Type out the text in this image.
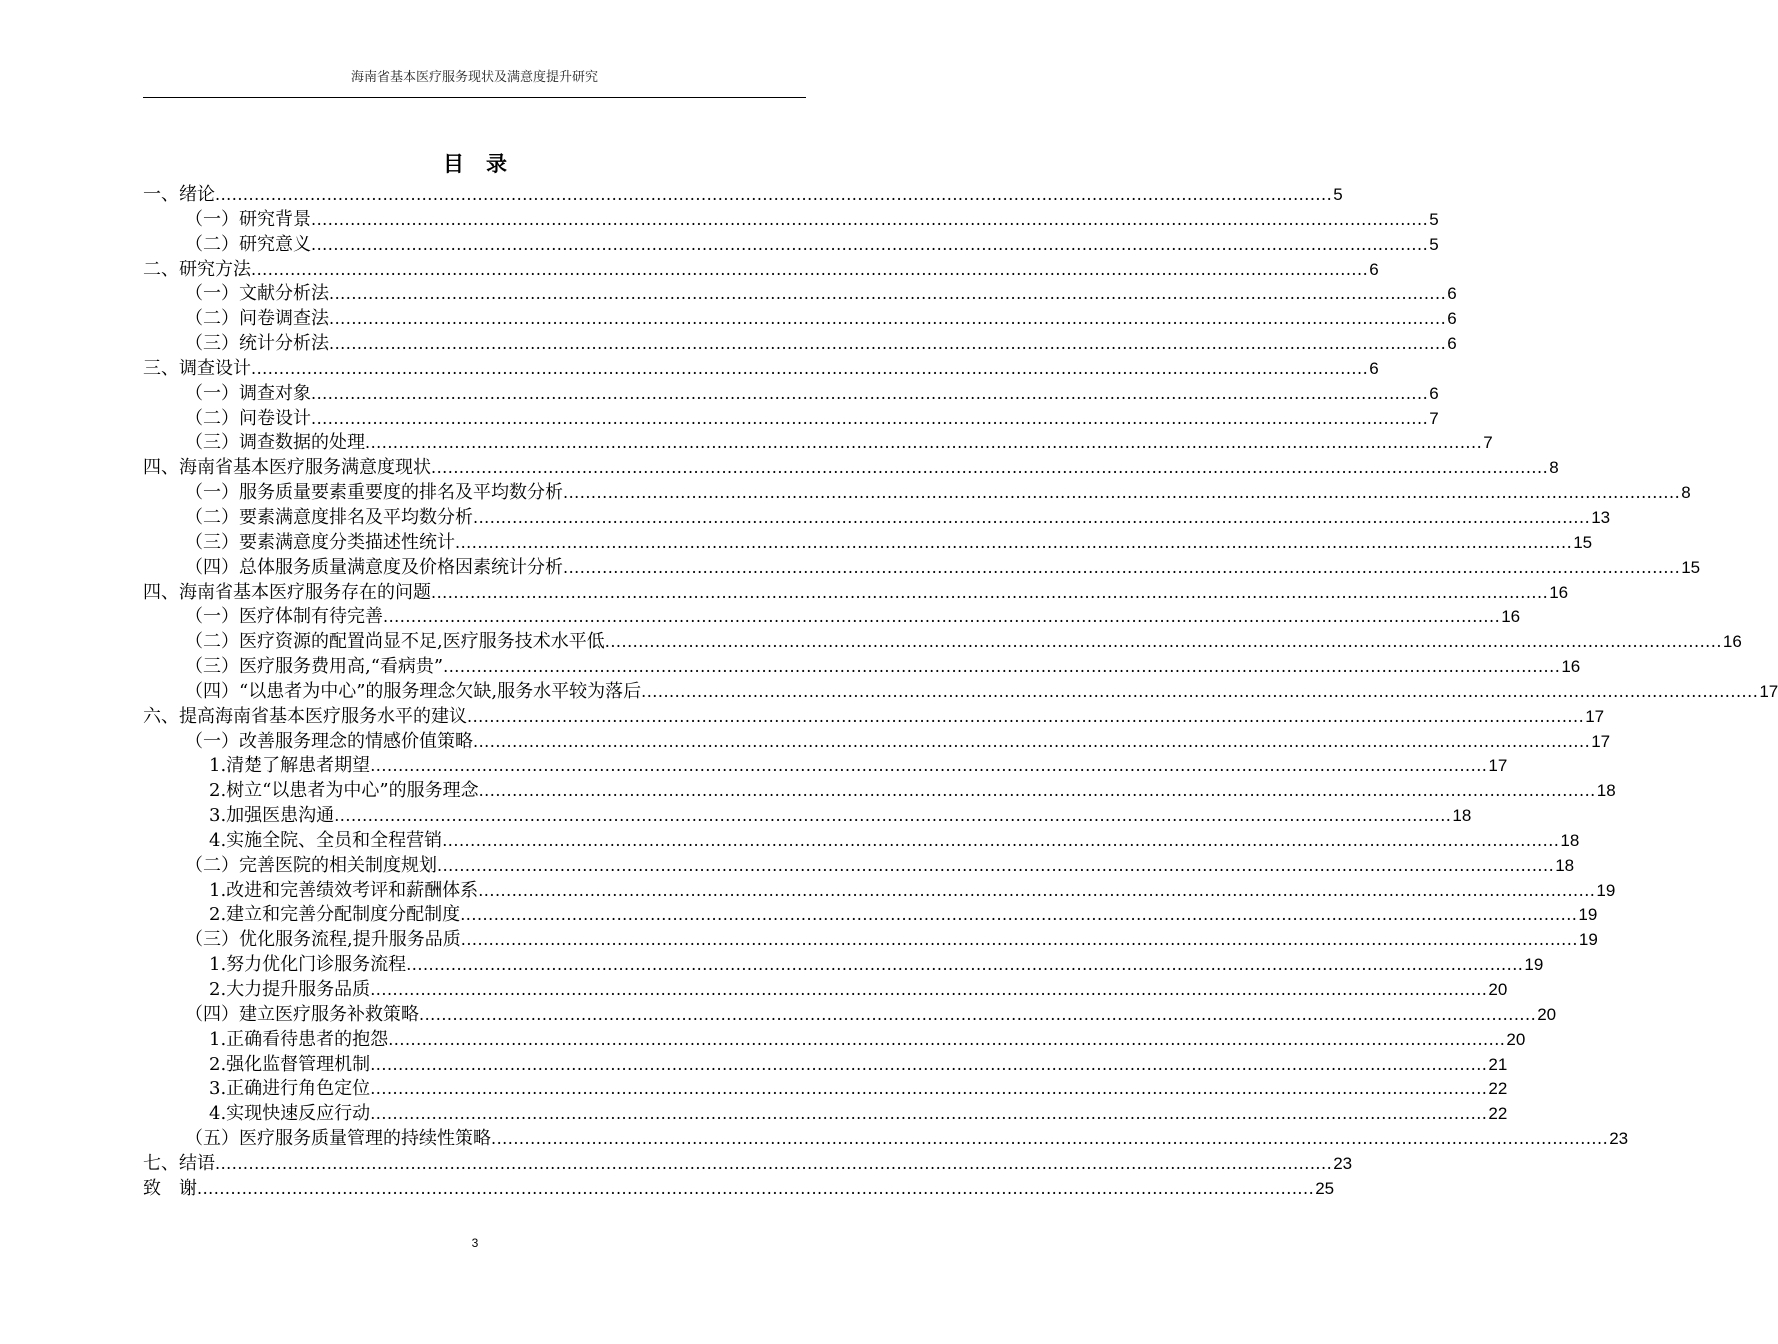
海南省基本医疗服务现状及满意度提升研究
目录
一、绪论 ........................................................................................................................................................................................................ 5
（一）研究背景 ........................................................................................................................................................................................................ 5
（二）研究意义 ........................................................................................................................................................................................................ 5
二、研究方法 ........................................................................................................................................................................................................ 6
（一）文献分析法 ........................................................................................................................................................................................................ 6
（二）问卷调查法 ........................................................................................................................................................................................................ 6
（三）统计分析法 ........................................................................................................................................................................................................ 6
三、调查设计 ........................................................................................................................................................................................................ 6
（一）调查对象 ........................................................................................................................................................................................................ 6
（二）问卷设计 ........................................................................................................................................................................................................ 7
（三）调查数据的处理 ........................................................................................................................................................................................................ 7
四、海南省基本医疗服务满意度现状 ........................................................................................................................................................................................................ 8
（一）服务质量要素重要度的排名及平均数分析 ........................................................................................................................................................................................................ 8
（二）要素满意度排名及平均数分析 ........................................................................................................................................................................................................ 13
（三）要素满意度分类描述性统计 ........................................................................................................................................................................................................ 15
（四）总体服务质量满意度及价格因素统计分析 ........................................................................................................................................................................................................ 15
四、海南省基本医疗服务存在的问题 ........................................................................................................................................................................................................ 16
（一）医疗体制有待完善 ........................................................................................................................................................................................................ 16
（二）医疗资源的配置尚显不足,医疗服务技术水平低 ........................................................................................................................................................................................................ 16
（三）医疗服务费用高,“看病贵” ........................................................................................................................................................................................................ 16
（四）“以患者为中心”的服务理念欠缺,服务水平较为落后 ........................................................................................................................................................................................................ 17
六、提高海南省基本医疗服务水平的建议 ........................................................................................................................................................................................................ 17
（一）改善服务理念的情感价值策略 ........................................................................................................................................................................................................ 17
1.清楚了解患者期望 ........................................................................................................................................................................................................ 17
2.树立“以患者为中心”的服务理念 ........................................................................................................................................................................................................ 18
3.加强医患沟通 ........................................................................................................................................................................................................ 18
4.实施全院、全员和全程营销 ........................................................................................................................................................................................................ 18
（二）完善医院的相关制度规划 ........................................................................................................................................................................................................ 18
1.改进和完善绩效考评和薪酬体系 ........................................................................................................................................................................................................ 19
2.建立和完善分配制度分配制度 ........................................................................................................................................................................................................ 19
（三）优化服务流程,提升服务品质 ........................................................................................................................................................................................................ 19
1.努力优化门诊服务流程 ........................................................................................................................................................................................................ 19
2.大力提升服务品质 ........................................................................................................................................................................................................ 20
（四）建立医疗服务补救策略 ........................................................................................................................................................................................................ 20
1.正确看待患者的抱怨 ........................................................................................................................................................................................................ 20
2.强化监督管理机制 ........................................................................................................................................................................................................ 21
3.正确进行角色定位 ........................................................................................................................................................................................................ 22
4.实现快速反应行动 ........................................................................................................................................................................................................ 22
（五）医疗服务质量管理的持续性策略 ........................................................................................................................................................................................................ 23
七、结语 ........................................................................................................................................................................................................ 23
致　谢 ........................................................................................................................................................................................................ 25
3
